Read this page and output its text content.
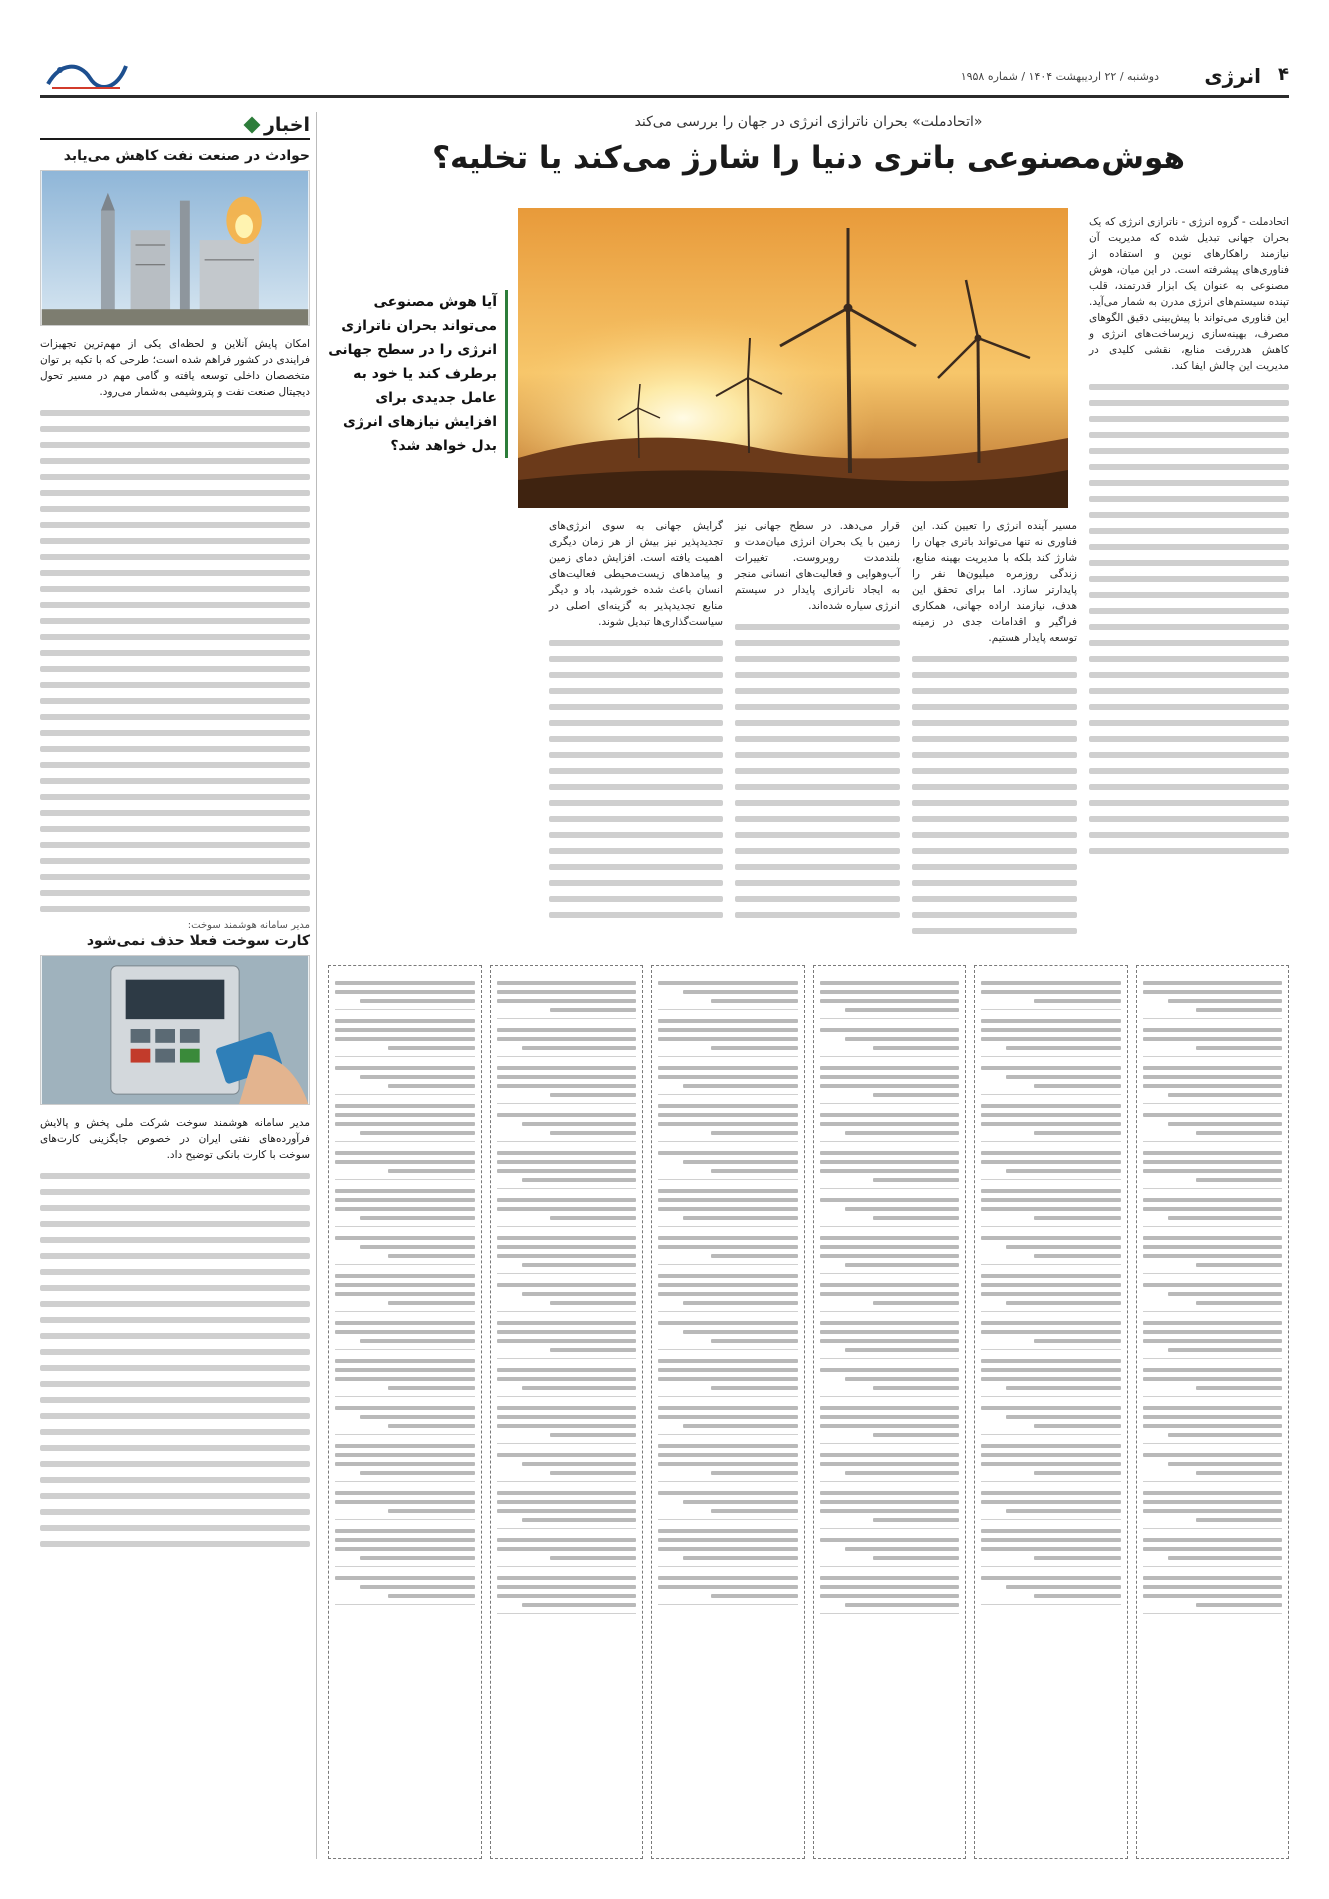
۴
انرژی
دوشنبه / ۲۲ اردیبهشت ۱۴۰۴ / شماره ۱۹۵۸
اخبار
حوادث در صنعت نفت کاهش می‌یابد

امکان پایش آنلاین و لحظه‌ای یکی از مهم‌ترین تجهیزات فرایندی در کشور فراهم شده است؛ طرحی که با تکیه بر توان متخصصان داخلی توسعه یافته و گامی مهم در مسیر تحول دیجیتال صنعت نفت و پتروشیمی به‌شمار می‌رود.

مدیر سامانه هوشمند سوخت:
کارت سوخت فعلا حذف نمی‌شود

مدیر سامانه هوشمند سوخت شرکت ملی پخش و پالایش فرآورده‌های نفتی ایران در خصوص جایگزینی کارت‌های سوخت با کارت بانکی توضیح داد.

«اتحادملت» بحران ناترازی انرژی در جهان را بررسی می‌کند
هوش‌مصنوعی باتری دنیا را شارژ می‌کند یا تخلیه؟
آیا هوش مصنوعی می‌تواند بحران ناترازی انرژی را در سطح جهانی برطرف کند یا خود به عامل جدیدی برای افزایش نیازهای انرژی بدل خواهد شد؟

اتحادملت - گروه انرژی - ناترازی انرژی که یک بحران جهانی تبدیل شده که مدیریت آن نیازمند راهکارهای نوین و استفاده از فناوری‌های پیشرفته است. در این میان، هوش مصنوعی به عنوان یک ابزار قدرتمند، قلب تپنده سیستم‌های انرژی مدرن به شمار می‌آید. این فناوری می‌تواند با پیش‌بینی دقیق الگوهای مصرف، بهینه‌سازی زیرساخت‌های انرژی و کاهش هدررفت منابع، نقشی کلیدی در مدیریت این چالش ایفا کند.

مسیر آینده انرژی را تعیین کند. این فناوری نه تنها می‌تواند باتری جهان را شارژ کند بلکه با مدیریت بهینه منابع، زندگی روزمره میلیون‌ها نفر را پایدارتر سازد. اما برای تحقق این هدف، نیازمند اراده جهانی، همکاری فراگیر و اقدامات جدی در زمینه توسعه پایدار هستیم.

قرار می‌دهد. در سطح جهانی نیز زمین با یک بحران انرژی میان‌مدت و بلندمدت روبروست. تغییرات آب‌وهوایی و فعالیت‌های انسانی منجر به ایجاد ناترازی پایدار در سیستم انرژی سیاره شده‌اند.

گرایش جهانی به سوی انرژی‌های تجدیدپذیر نیز بیش از هر زمان دیگری اهمیت یافته است. افزایش دمای زمین و پیامدهای زیست‌محیطی فعالیت‌های انسان باعث شده خورشید، باد و دیگر منابع تجدیدپذیر به گزینه‌ای اصلی در سیاست‌گذاری‌ها تبدیل شوند.
